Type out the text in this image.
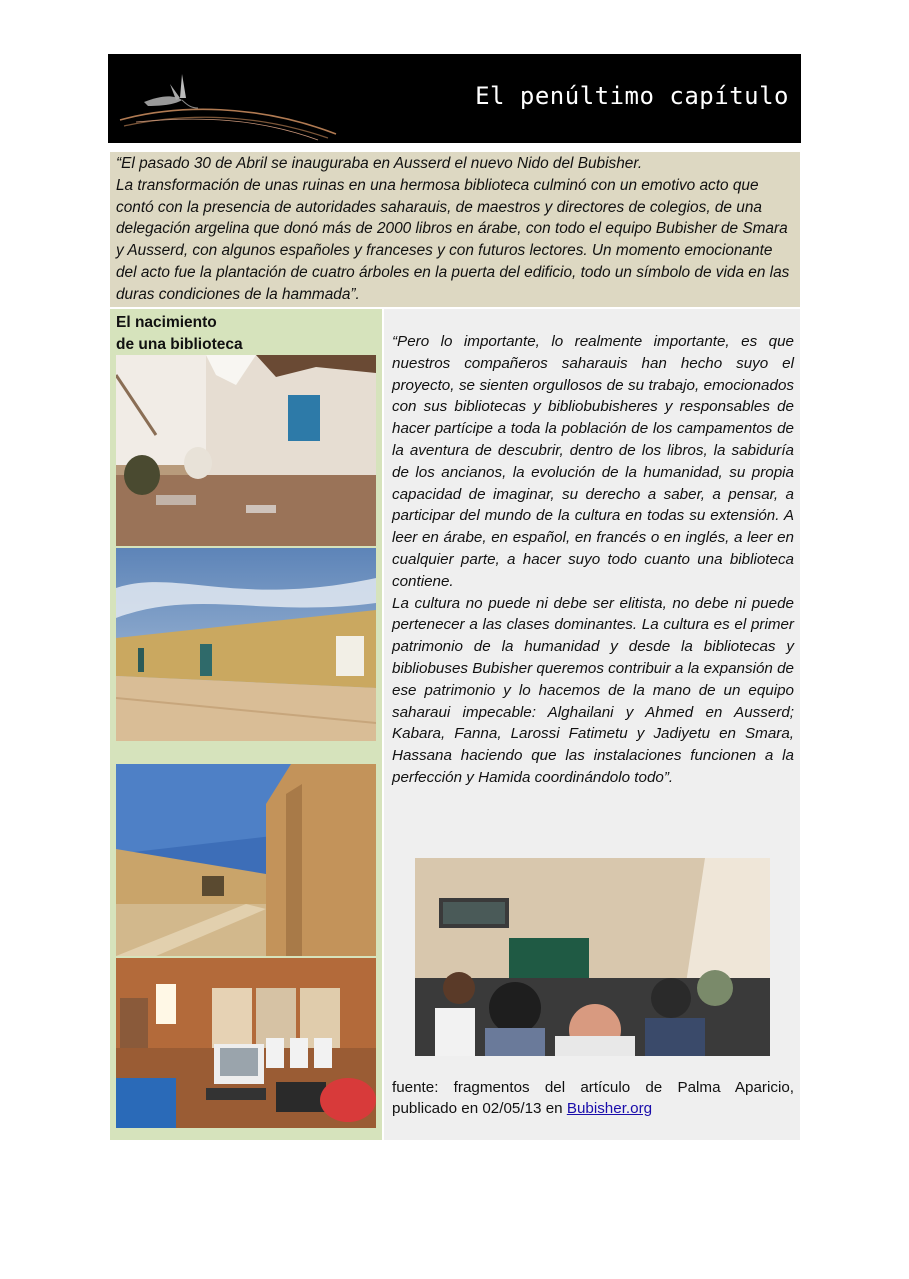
El penúltimo capítulo

“El pasado 30 de Abril se inauguraba en Ausserd el nuevo Nido del Bubisher.

La transformación de unas ruinas en una hermosa biblioteca culminó con un emotivo acto que contó con la presencia de autoridades saharauis, de maestros y directores de colegios, de una delegación argelina que donó más de 2000 libros en árabe, con todo el equipo Bubisher de Smara y Ausserd, con algunos españoles y franceses y con futuros lectores. Un momento emocionante del acto fue la plantación de cuatro árboles en la puerta del edificio, todo un símbolo de vida en las duras condiciones de la hammada”.

El nacimiento
de una biblioteca	“Pero lo importante, lo realmente importante, es que nuestros compañeros saharauis han hecho suyo el proyecto, se sienten orgullosos de su trabajo, emocionados con sus bibliotecas y bibliobubisheres y responsables de hacer partícipe a toda la población de los campamentos de la aventura de descubrir, dentro de los libros, la sabiduría de los ancianos, la evolución de la humanidad, su propia capacidad de imaginar, su derecho a saber, a pensar, a participar del mundo de la cultura en todas su extensión. A leer en árabe, en español, en francés o en inglés, a leer en cualquier parte, a hacer suyo todo cuanto una biblioteca contiene.

La cultura no puede ni debe ser elitista, no debe ni puede pertenecer a las clases dominantes. La cultura es el primer patrimonio de la humanidad y desde la bibliotecas y bibliobuses Bubisher queremos contribuir a la expansión de ese patrimonio y lo hacemos de la mano de un equipo saharaui impecable: Alghailani y Ahmed en Ausserd; Kabara, Fanna, Larossi Fatimetu y Jadiyetu en Smara, Hassana haciendo que las instalaciones funcionen a la perfección y Hamida coordinándolo todo”.

fuente: fragmentos del artículo de Palma Aparicio, publicado en 02/05/13 en Bubisher.org
